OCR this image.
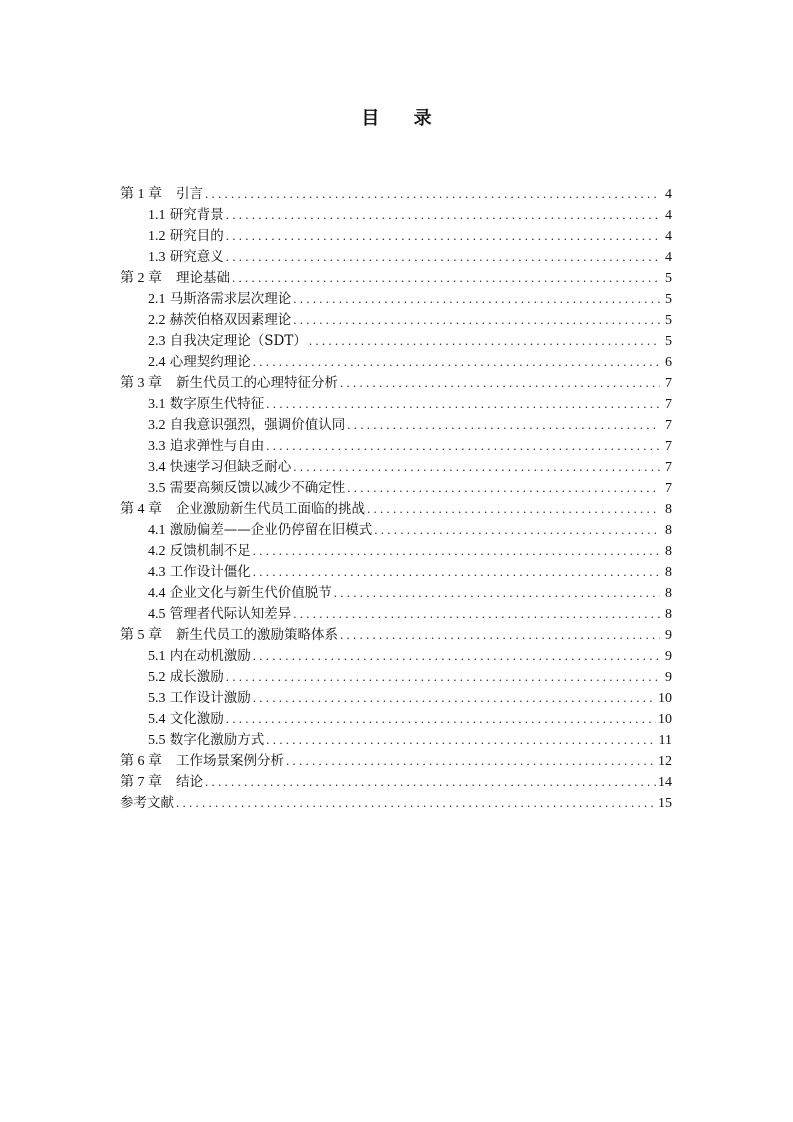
目 录
第 1 章 引言 . . .	4
1.1 研究背景 . . .	4
1.2 研究目的 . . .	4
1.3 研究意义 . . .	4
第 2 章 理论基础 . . .	5
2.1 马斯洛需求层次理论 . . .	5
2.2 赫茨伯格双因素理论 . . .	5
2.3 自我决定理论（SDT） . . .	5
2.4 心理契约理论 . . .	6
第 3 章 新生代员工的心理特征分析 . . .	7
3.1 数字原生代特征 . . .	7
3.2 自我意识强烈，强调价值认同 . . .	7
3.3 追求弹性与自由 . . .	7
3.4 快速学习但缺乏耐心 . . .	7
3.5 需要高频反馈以减少不确定性 . . .	7
第 4 章 企业激励新生代员工面临的挑战 . . .	8
4.1 激励偏差——企业仍停留在旧模式 . . .	8
4.2 反馈机制不足 . . .	8
4.3 工作设计僵化 . . .	8
4.4 企业文化与新生代价值脱节 . . .	8
4.5 管理者代际认知差异 . . .	8
第 5 章 新生代员工的激励策略体系 . . .	9
5.1 内在动机激励 . . .	9
5.2 成长激励 . . .	9
5.3 工作设计激励 . . .	10
5.4 文化激励 . . .	10
5.5 数字化激励方式 . . .	11
第 6 章 工作场景案例分析 . . .	12
第 7 章 结论 . . .	14
参考文献 . . .	15
